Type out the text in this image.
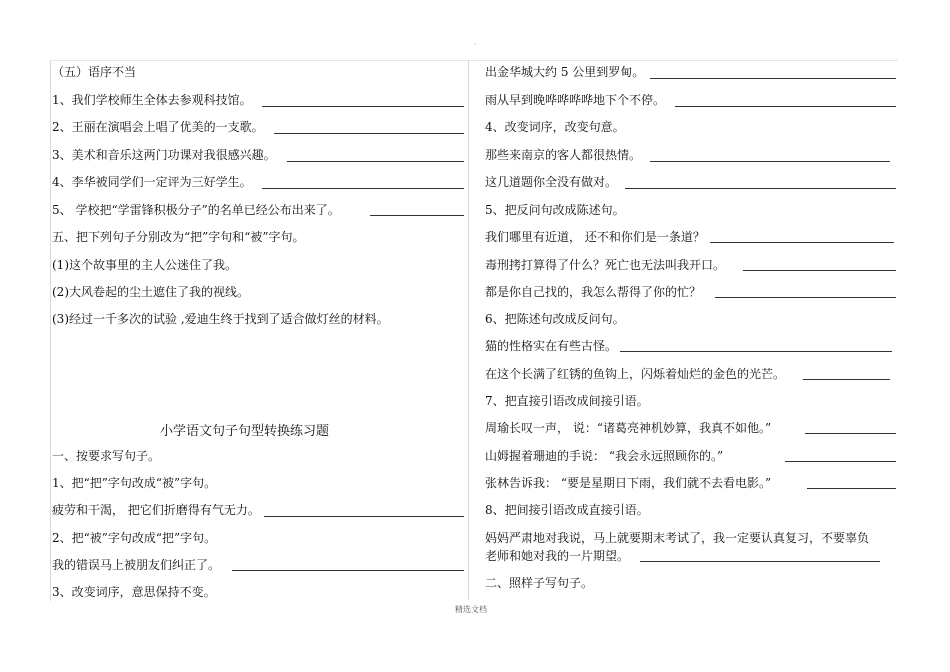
·
（五）语序不当
1、我们学校师生全体去参观科技馆。
2、王丽在演唱会上唱了优美的一支歌。
3、美术和音乐这两门功课对我很感兴趣。
4、李华被同学们一定评为三好学生。
5、 学校把“学雷锋积极分子”的名单已经公布出来了。
五、把下列句子分别改为“把”字句和“被”字句。
(1)这个故事里的主人公迷住了我。
(2)大风卷起的尘土遮住了我的视线。
(3)经过一千多次的试验 ,爱迪生终于找到了适合做灯丝的材料。
一、按要求写句子。
1、把“把”字句改成“被”字句。
疲劳和干渴， 把它们折磨得有气无力。
2、把“被”字句改成“把”字句。
我的错误马上被朋友们纠正了。
3、改变词序，意思保持不变。
小学语文句子句型转换练习题
出金华城大约 5 公里到罗甸。
雨从早到晚哗哗哗哗地下个不停。
4、改变词序，改变句意。
那些来南京的客人都很热情。
这几道题你全没有做对。
5、把反问句改成陈述句。
我们哪里有近道， 还不和你们是一条道？
毒刑拷打算得了什么？死亡也无法叫我开口。
都是你自己找的，我怎么帮得了你的忙？
6、把陈述句改成反问句。
猫的性格实在有些古怪。
在这个长满了红锈的鱼钩上，闪烁着灿烂的金色的光芒。
7、把直接引语改成间接引语。
周瑜长叹一声， 说：“诸葛亮神机妙算，我真不如他。”
山姆握着珊迪的手说： “我会永远照顾你的。”
张林告诉我： “要是星期日下雨，我们就不去看电影。”
8、把间接引语改成直接引语。
妈妈严肃地对我说，马上就要期末考试了，我一定要认真复习，不要辜负
老师和她对我的一片期望。
二、照样子写句子。
精选文档
